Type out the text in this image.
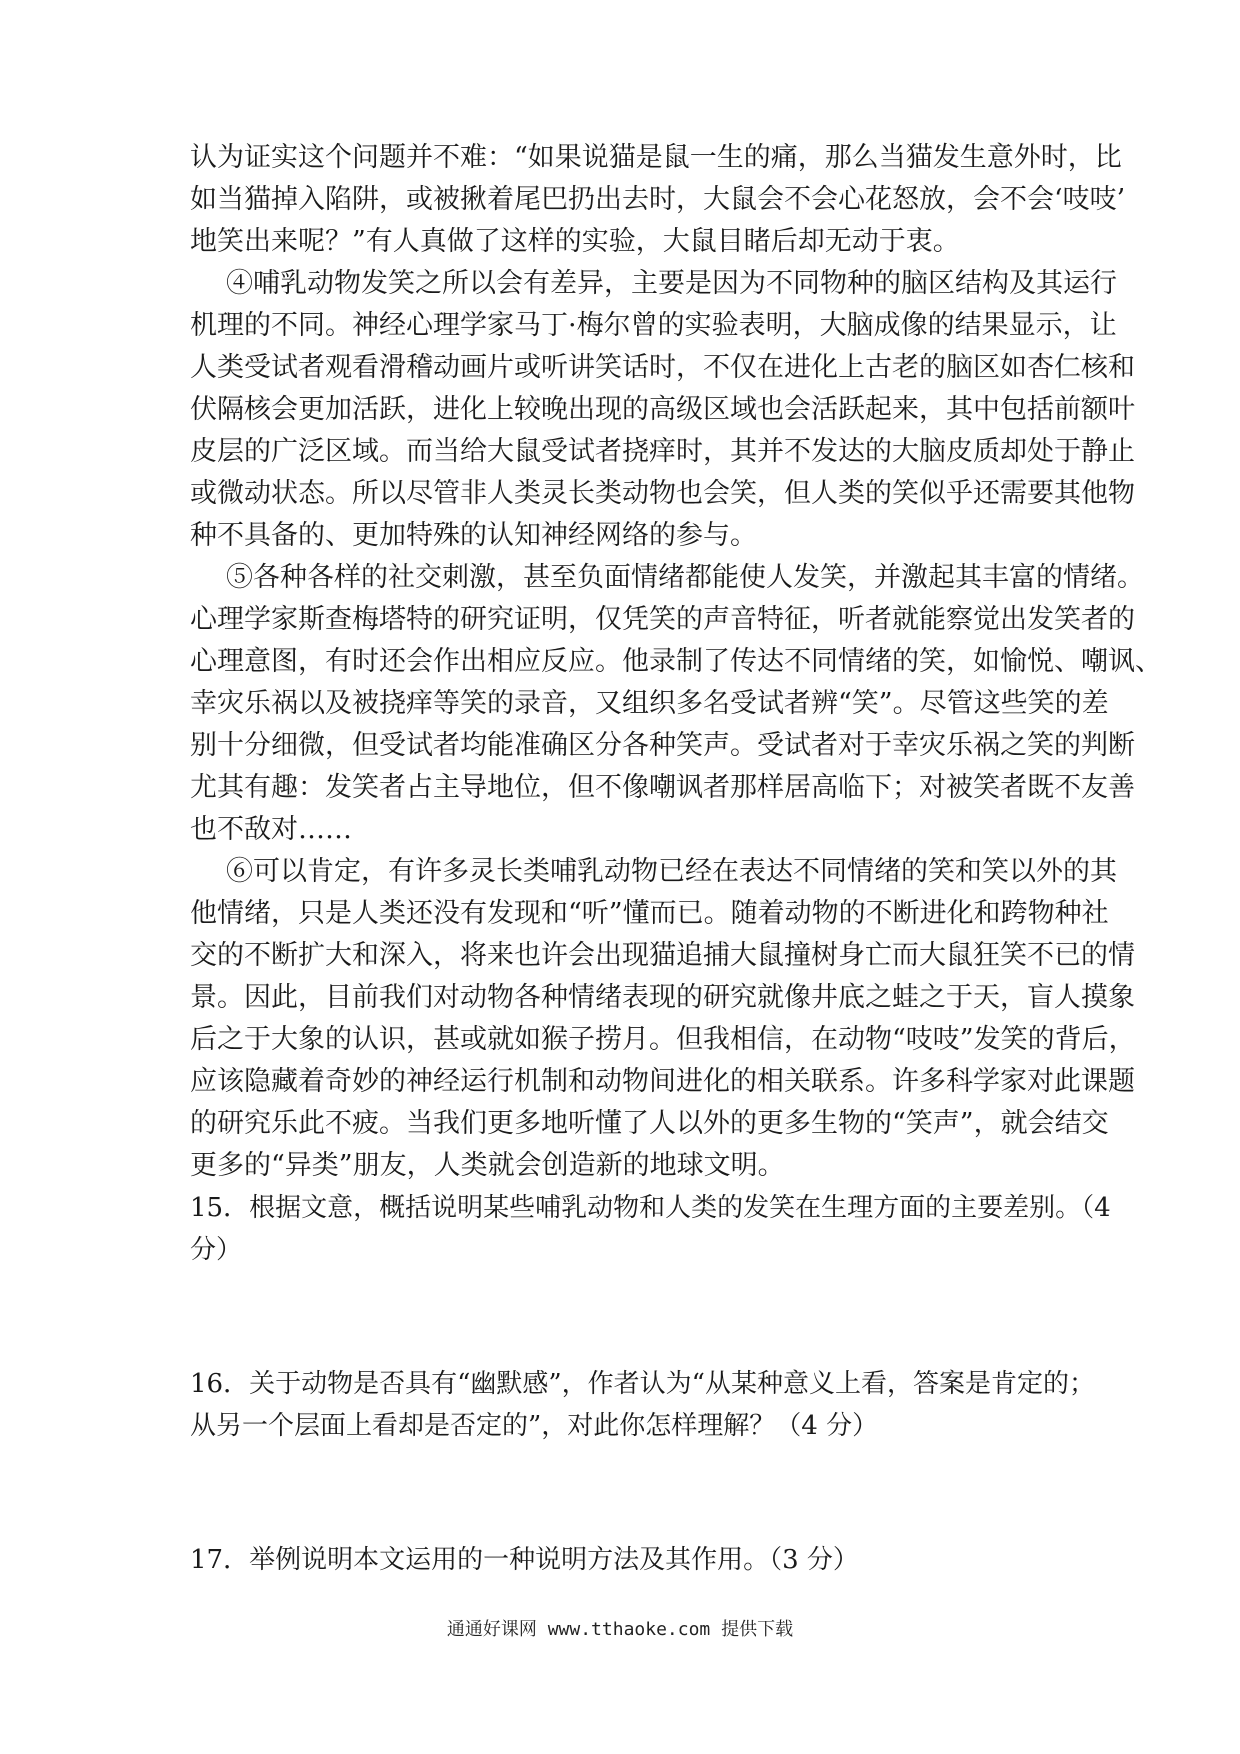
认为证实这个问题并不难：“如果说猫是鼠一生的痛，那么当猫发生意外时，比
如当猫掉入陷阱，或被揪着尾巴扔出去时，大鼠会不会心花怒放，会不会‘吱吱’
地笑出来呢？”有人真做了这样的实验，大鼠目睹后却无动于衷。
④哺乳动物发笑之所以会有差异，主要是因为不同物种的脑区结构及其运行
机理的不同。神经心理学家马丁·梅尔曾的实验表明，大脑成像的结果显示，让
人类受试者观看滑稽动画片或听讲笑话时，不仅在进化上古老的脑区如杏仁核和
伏隔核会更加活跃，进化上较晚出现的高级区域也会活跃起来，其中包括前额叶
皮层的广泛区域。而当给大鼠受试者挠痒时，其并不发达的大脑皮质却处于静止
或微动状态。所以尽管非人类灵长类动物也会笑，但人类的笑似乎还需要其他物
种不具备的、更加特殊的认知神经网络的参与。
⑤各种各样的社交刺激，甚至负面情绪都能使人发笑，并激起其丰富的情绪。
心理学家斯查梅塔特的研究证明，仅凭笑的声音特征，听者就能察觉出发笑者的
心理意图，有时还会作出相应反应。他录制了传达不同情绪的笑，如愉悦、嘲讽、
幸灾乐祸以及被挠痒等笑的录音，又组织多名受试者辨“笑”。尽管这些笑的差
别十分细微，但受试者均能准确区分各种笑声。受试者对于幸灾乐祸之笑的判断
尤其有趣：发笑者占主导地位，但不像嘲讽者那样居高临下；对被笑者既不友善
也不敌对……
⑥可以肯定，有许多灵长类哺乳动物已经在表达不同情绪的笑和笑以外的其
他情绪，只是人类还没有发现和“听”懂而已。随着动物的不断进化和跨物种社
交的不断扩大和深入，将来也许会出现猫追捕大鼠撞树身亡而大鼠狂笑不已的情
景。因此，目前我们对动物各种情绪表现的研究就像井底之蛙之于天，盲人摸象
后之于大象的认识，甚或就如猴子捞月。但我相信，在动物“吱吱”发笑的背后，
应该隐藏着奇妙的神经运行机制和动物间进化的相关联系。许多科学家对此课题
的研究乐此不疲。当我们更多地听懂了人以外的更多生物的“笑声”，就会结交
更多的“异类”朋友，人类就会创造新的地球文明。
15．根据文意，概括说明某些哺乳动物和人类的发笑在生理方面的主要差别。（4
分）
16．关于动物是否具有“幽默感”，作者认为“从某种意义上看，答案是肯定的；
从另一个层面上看却是否定的”，对此你怎样理解？（4 分）
17．举例说明本文运用的一种说明方法及其作用。（3 分）
通通好课网 www.tthaoke.com 提供下载
